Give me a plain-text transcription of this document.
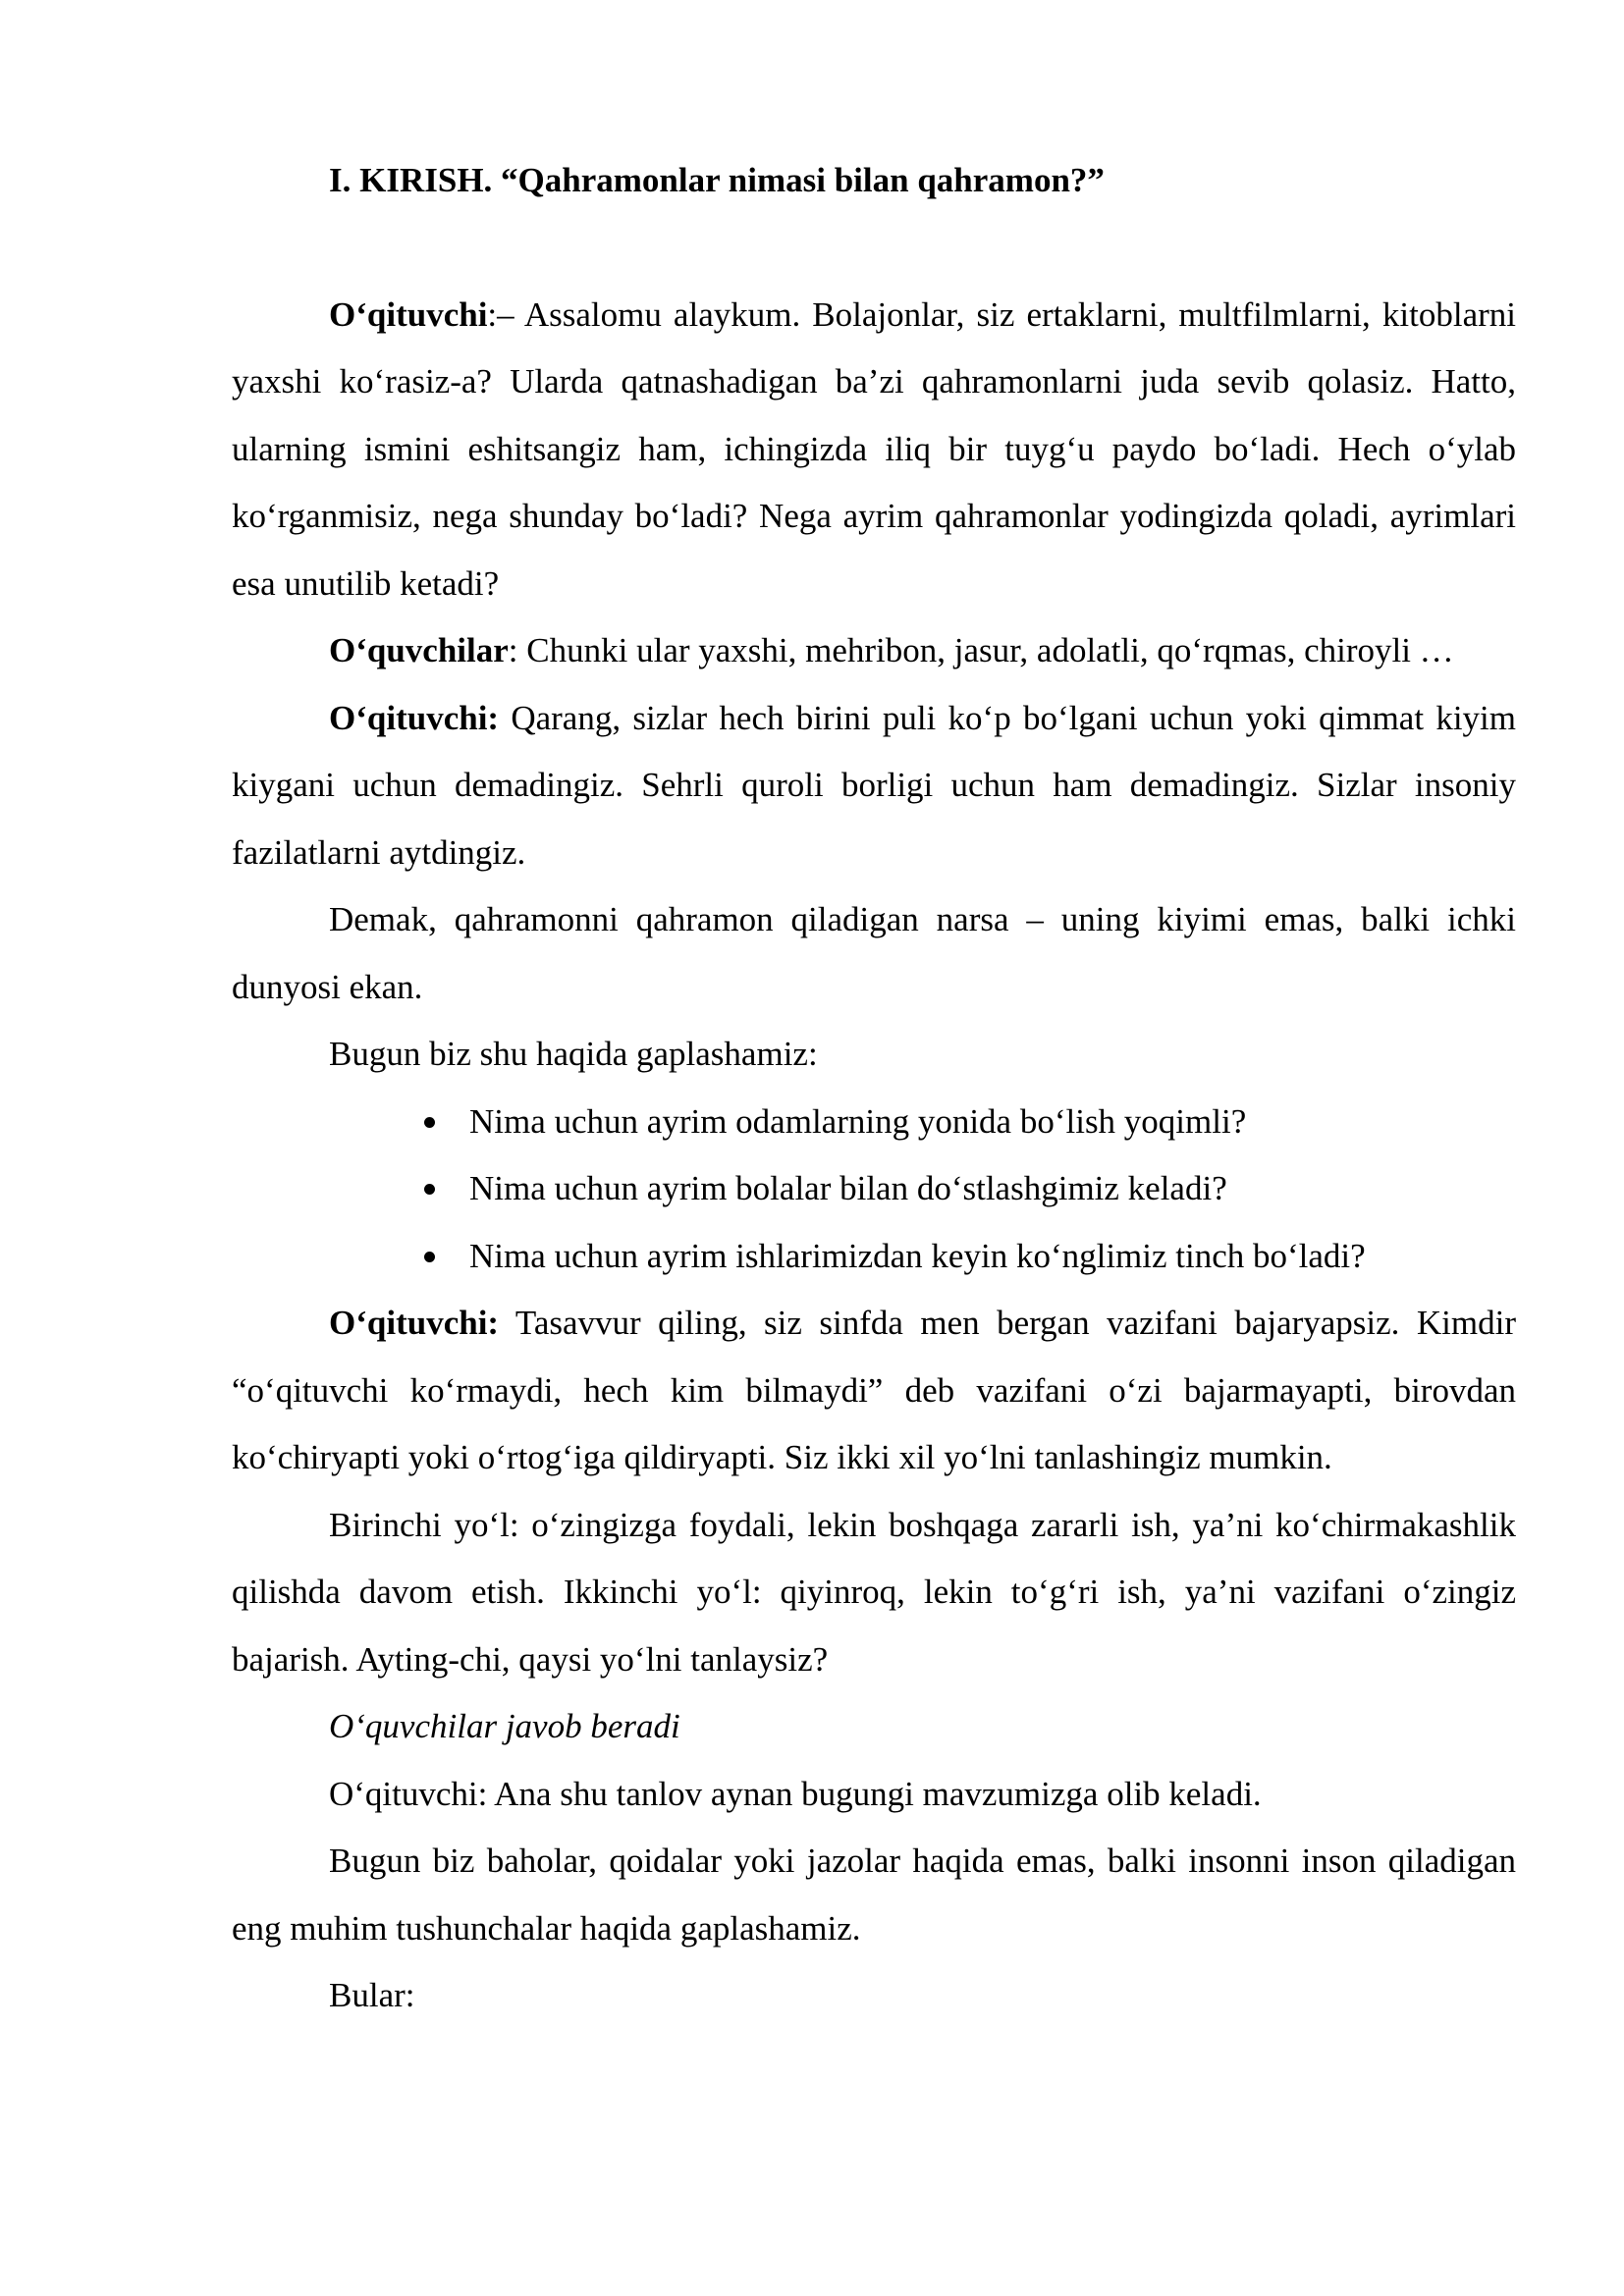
I. KIRISH. “Qahramonlar nimasi bilan qahramon?”

O‘qituvchi:– Assalomu alaykum. Bolajonlar, siz ertaklarni, multfilmlarni, kitoblarni yaxshi ko‘rasiz-a? Ularda qatnashadigan ba’zi qahramonlarni juda sevib qolasiz. Hatto, ularning ismini eshitsangiz ham, ichingizda iliq bir tuyg‘u paydo bo‘ladi. Hech o‘ylab ko‘rganmisiz, nega shunday bo‘ladi? Nega ayrim qahramonlar yodingizda qoladi, ayrimlari esa unutilib ketadi?

O‘quvchilar: Chunki ular yaxshi, mehribon, jasur, adolatli, qo‘rqmas, chiroyli …

O‘qituvchi: Qarang, sizlar hech birini puli ko‘p bo‘lgani uchun yoki qimmat kiyim kiygani uchun demadingiz. Sehrli quroli borligi uchun ham demadingiz. Sizlar insoniy fazilatlarni aytdingiz.

Demak, qahramonni qahramon qiladigan narsa – uning kiyimi emas, balki ichki dunyosi ekan.

Bugun biz shu haqida gaplashamiz:

Nima uchun ayrim odamlarning yonida bo‘lish yoqimli?
Nima uchun ayrim bolalar bilan do‘stlashgimiz keladi?
Nima uchun ayrim ishlarimizdan keyin ko‘nglimiz tinch bo‘ladi?

O‘qituvchi: Tasavvur qiling, siz sinfda men bergan vazifani bajaryapsiz. Kimdir “o‘qituvchi ko‘rmaydi, hech kim bilmaydi” deb vazifani o‘zi bajarmayapti, birovdan ko‘chiryapti yoki o‘rtog‘iga qildiryapti. Siz ikki xil yo‘lni tanlashingiz mumkin.

Birinchi yo‘l: o‘zingizga foydali, lekin boshqaga zararli ish, ya’ni ko‘chirmakashlik qilishda davom etish. Ikkinchi yo‘l: qiyinroq, lekin to‘g‘ri ish, ya’ni vazifani o‘zingiz bajarish. Ayting-chi, qaysi yo‘lni tanlaysiz?

O‘quvchilar javob beradi

O‘qituvchi: Ana shu tanlov aynan bugungi mavzumizga olib keladi.

Bugun biz baholar, qoidalar yoki jazolar haqida emas, balki insonni inson qiladigan eng muhim tushunchalar haqida gaplashamiz.

Bular:
